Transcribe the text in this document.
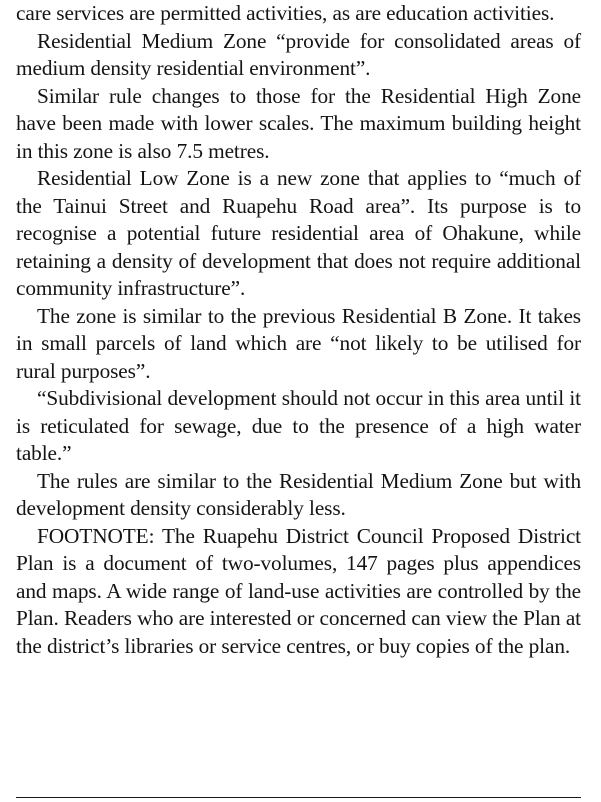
care services are permitted activities, as are education activities.

Residential Medium Zone “provide for consolidated areas of medium density residential environment”.

Similar rule changes to those for the Residential High Zone have been made with lower scales. The maximum building height in this zone is also 7.5 metres.

Residential Low Zone is a new zone that applies to “much of the Tainui Street and Ruapehu Road area”. Its purpose is to recognise a potential future residential area of Ohakune, while retaining a density of development that does not require additional community infrastructure”.

The zone is similar to the previous Residential B Zone. It takes in small parcels of land which are “not likely to be utilised for rural purposes”.

“Subdivisional development should not occur in this area until it is reticulated for sewage, due to the presence of a high water table.”

The rules are similar to the Residential Medium Zone but with development density considerably less.

FOOTNOTE: The Ruapehu District Council Proposed District Plan is a document of two-volumes, 147 pages plus appendices and maps. A wide range of land-use activities are controlled by the Plan. Readers who are interested or concerned can view the Plan at the district’s libraries or service centres, or buy copies of the plan.
